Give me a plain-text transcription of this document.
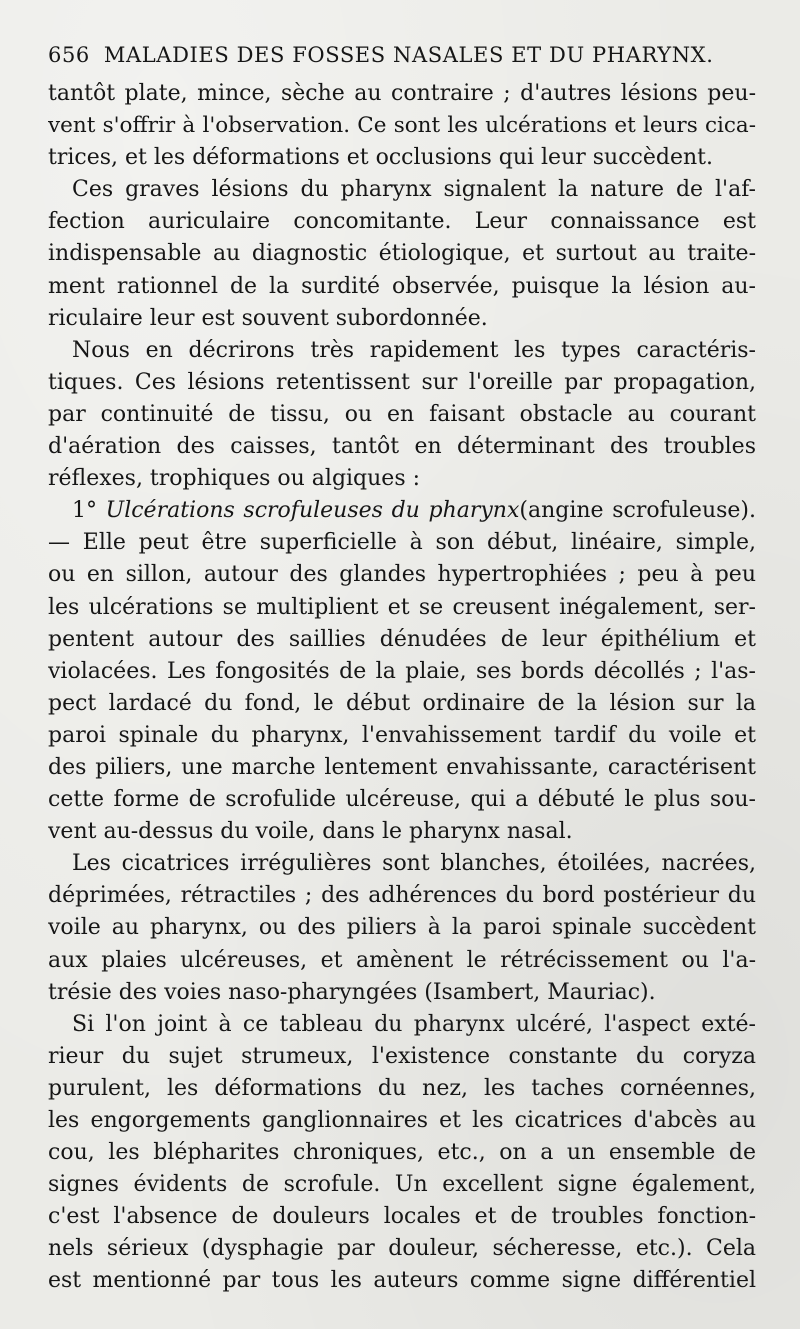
656 MALADIES DES FOSSES NASALES ET DU PHARYNX.
tantôt plate, mince, sèche au contraire ; d'autres lésions peu-
vent s'offrir à l'observation. Ce sont les ulcérations et leurs cica-
trices, et les déformations et occlusions qui leur succèdent.
Ces graves lésions du pharynx signalent la nature de l'af-
fection auriculaire concomitante. Leur connaissance est
indispensable au diagnostic étiologique, et surtout au traite-
ment rationnel de la surdité observée, puisque la lésion au-
riculaire leur est souvent subordonnée.
Nous en décrirons très rapidement les types caractéris-
tiques. Ces lésions retentissent sur l'oreille par propagation,
par continuité de tissu, ou en faisant obstacle au courant
d'aération des caisses, tantôt en déterminant des troubles
réflexes, trophiques ou algiques :
1° Ulcérations scrofuleuses du pharynx(angine scrofuleuse).
— Elle peut être superficielle à son début, linéaire, simple,
ou en sillon, autour des glandes hypertrophiées ; peu à peu
les ulcérations se multiplient et se creusent inégalement, ser-
pentent autour des saillies dénudées de leur épithélium et
violacées. Les fongosités de la plaie, ses bords décollés ; l'as-
pect lardacé du fond, le début ordinaire de la lésion sur la
paroi spinale du pharynx, l'envahissement tardif du voile et
des piliers, une marche lentement envahissante, caractérisent
cette forme de scrofulide ulcéreuse, qui a débuté le plus sou-
vent au-dessus du voile, dans le pharynx nasal.
Les cicatrices irrégulières sont blanches, étoilées, nacrées,
déprimées, rétractiles ; des adhérences du bord postérieur du
voile au pharynx, ou des piliers à la paroi spinale succèdent
aux plaies ulcéreuses, et amènent le rétrécissement ou l'a-
trésie des voies naso-pharyngées (Isambert, Mauriac).
Si l'on joint à ce tableau du pharynx ulcéré, l'aspect exté-
rieur du sujet strumeux, l'existence constante du coryza
purulent, les déformations du nez, les taches cornéennes,
les engorgements ganglionnaires et les cicatrices d'abcès au
cou, les blépharites chroniques, etc., on a un ensemble de
signes évidents de scrofule. Un excellent signe également,
c'est l'absence de douleurs locales et de troubles fonction-
nels sérieux (dysphagie par douleur, sécheresse, etc.). Cela
est mentionné par tous les auteurs comme signe différentiel
